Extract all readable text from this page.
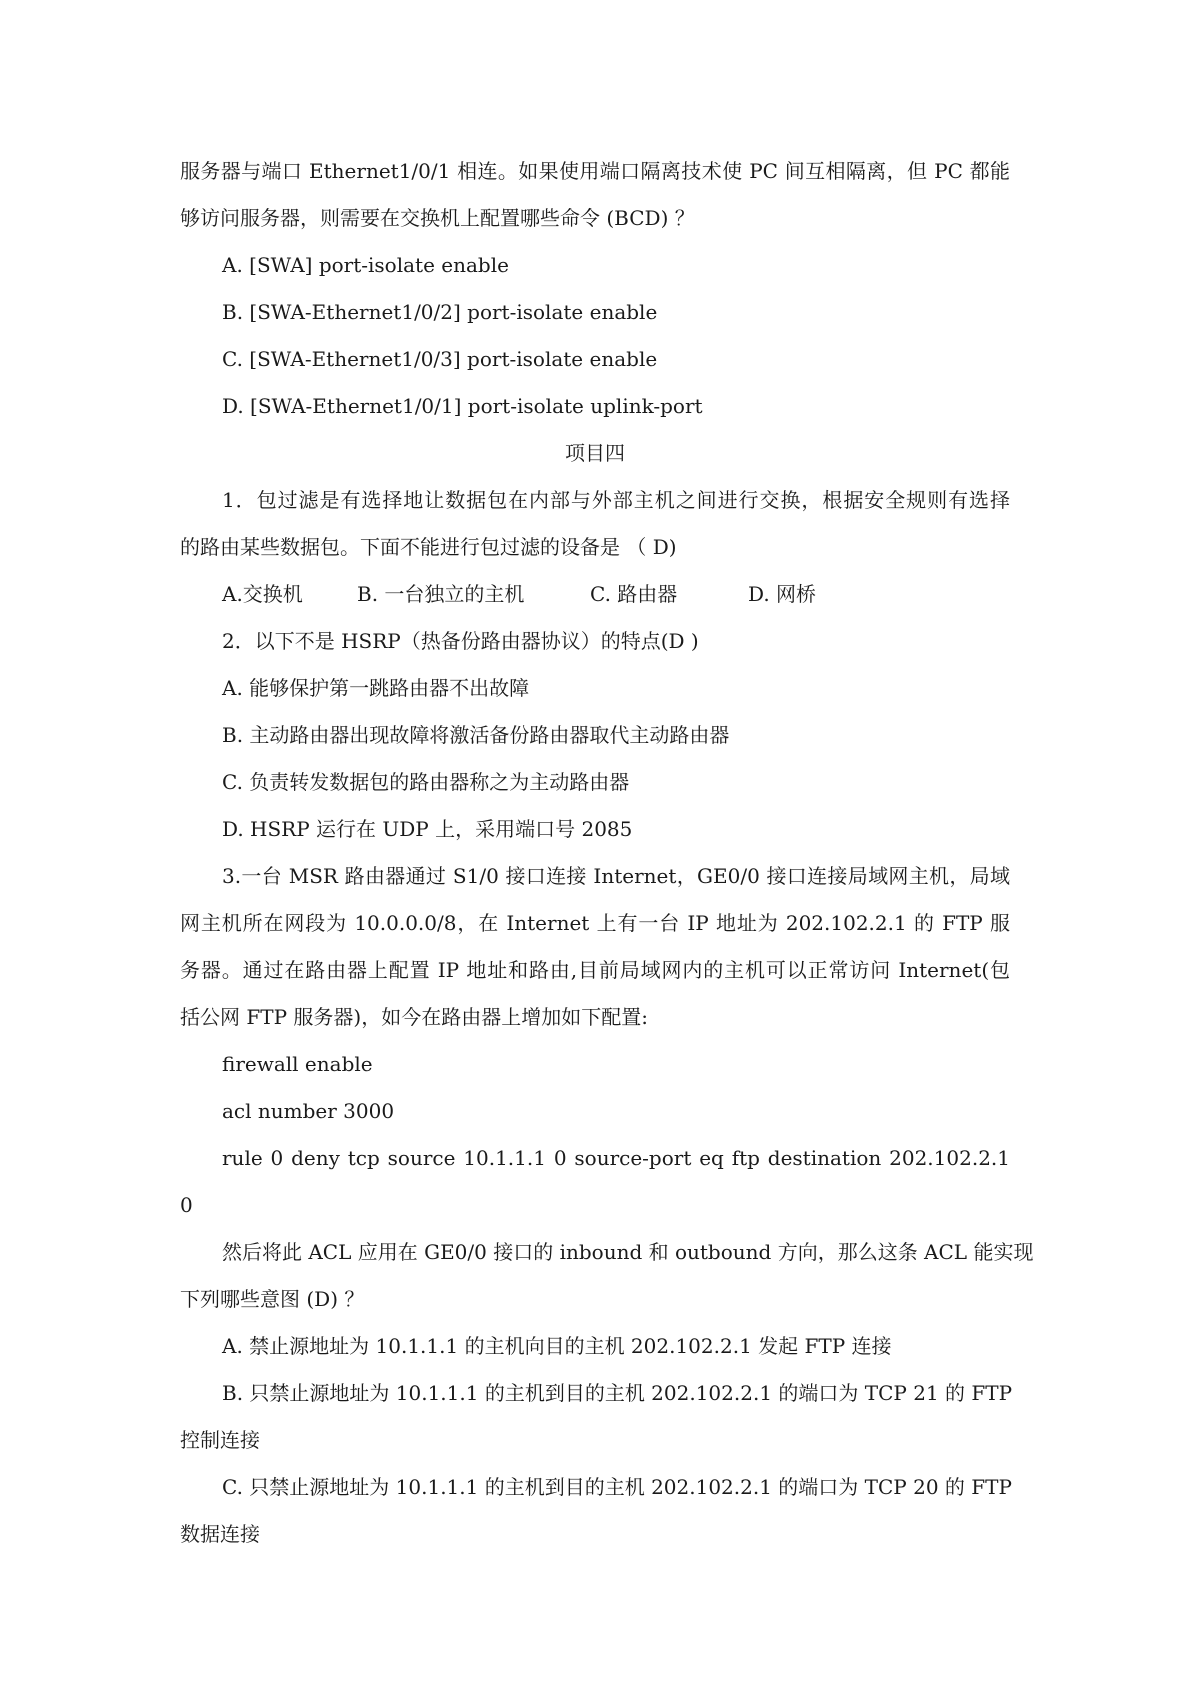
服务器与端口 Ethernet1/0/1 相连。如果使用端口隔离技术使 PC 间互相隔离，但 PC 都能
够访问服务器，则需要在交换机上配置哪些命令 (BCD) ？
A. [SWA] port-isolate enable
B. [SWA-Ethernet1/0/2] port-isolate enable
C. [SWA-Ethernet1/0/3] port-isolate enable
D. [SWA-Ethernet1/0/1] port-isolate uplink-port
项目四
1．包过滤是有选择地让数据包在内部与外部主机之间进行交换，根据安全规则有选择
的路由某些数据包。下面不能进行包过滤的设备是 （ D)
A.交换机	B. 一台独立的主机	C. 路由器	D. 网桥
2．以下不是 HSRP（热备份路由器协议）的特点(D )
A. 能够保护第一跳路由器不出故障
B. 主动路由器出现故障将激活备份路由器取代主动路由器
C. 负责转发数据包的路由器称之为主动路由器
D. HSRP 运行在 UDP 上，采用端口号 2085
3.一台 MSR 路由器通过 S1/0 接口连接 Internet，GE0/0 接口连接局域网主机，局域
网主机所在网段为 10.0.0.0/8，在 Internet 上有一台 IP 地址为 202.102.2.1 的 FTP 服
务器。通过在路由器上配置 IP 地址和路由,目前局域网内的主机可以正常访问 Internet(包
括公网 FTP 服务器)，如今在路由器上增加如下配置:
firewall enable
acl number 3000
rule 0 deny tcp source 10.1.1.1 0 source-port eq ftp destination 202.102.2.1
0
然后将此 ACL 应用在 GE0/0 接口的 inbound 和 outbound 方向，那么这条 ACL 能实现
下列哪些意图 (D) ？
A. 禁止源地址为 10.1.1.1 的主机向目的主机 202.102.2.1 发起 FTP 连接
B. 只禁止源地址为 10.1.1.1 的主机到目的主机 202.102.2.1 的端口为 TCP 21 的 FTP
控制连接
C. 只禁止源地址为 10.1.1.1 的主机到目的主机 202.102.2.1 的端口为 TCP 20 的 FTP
数据连接
